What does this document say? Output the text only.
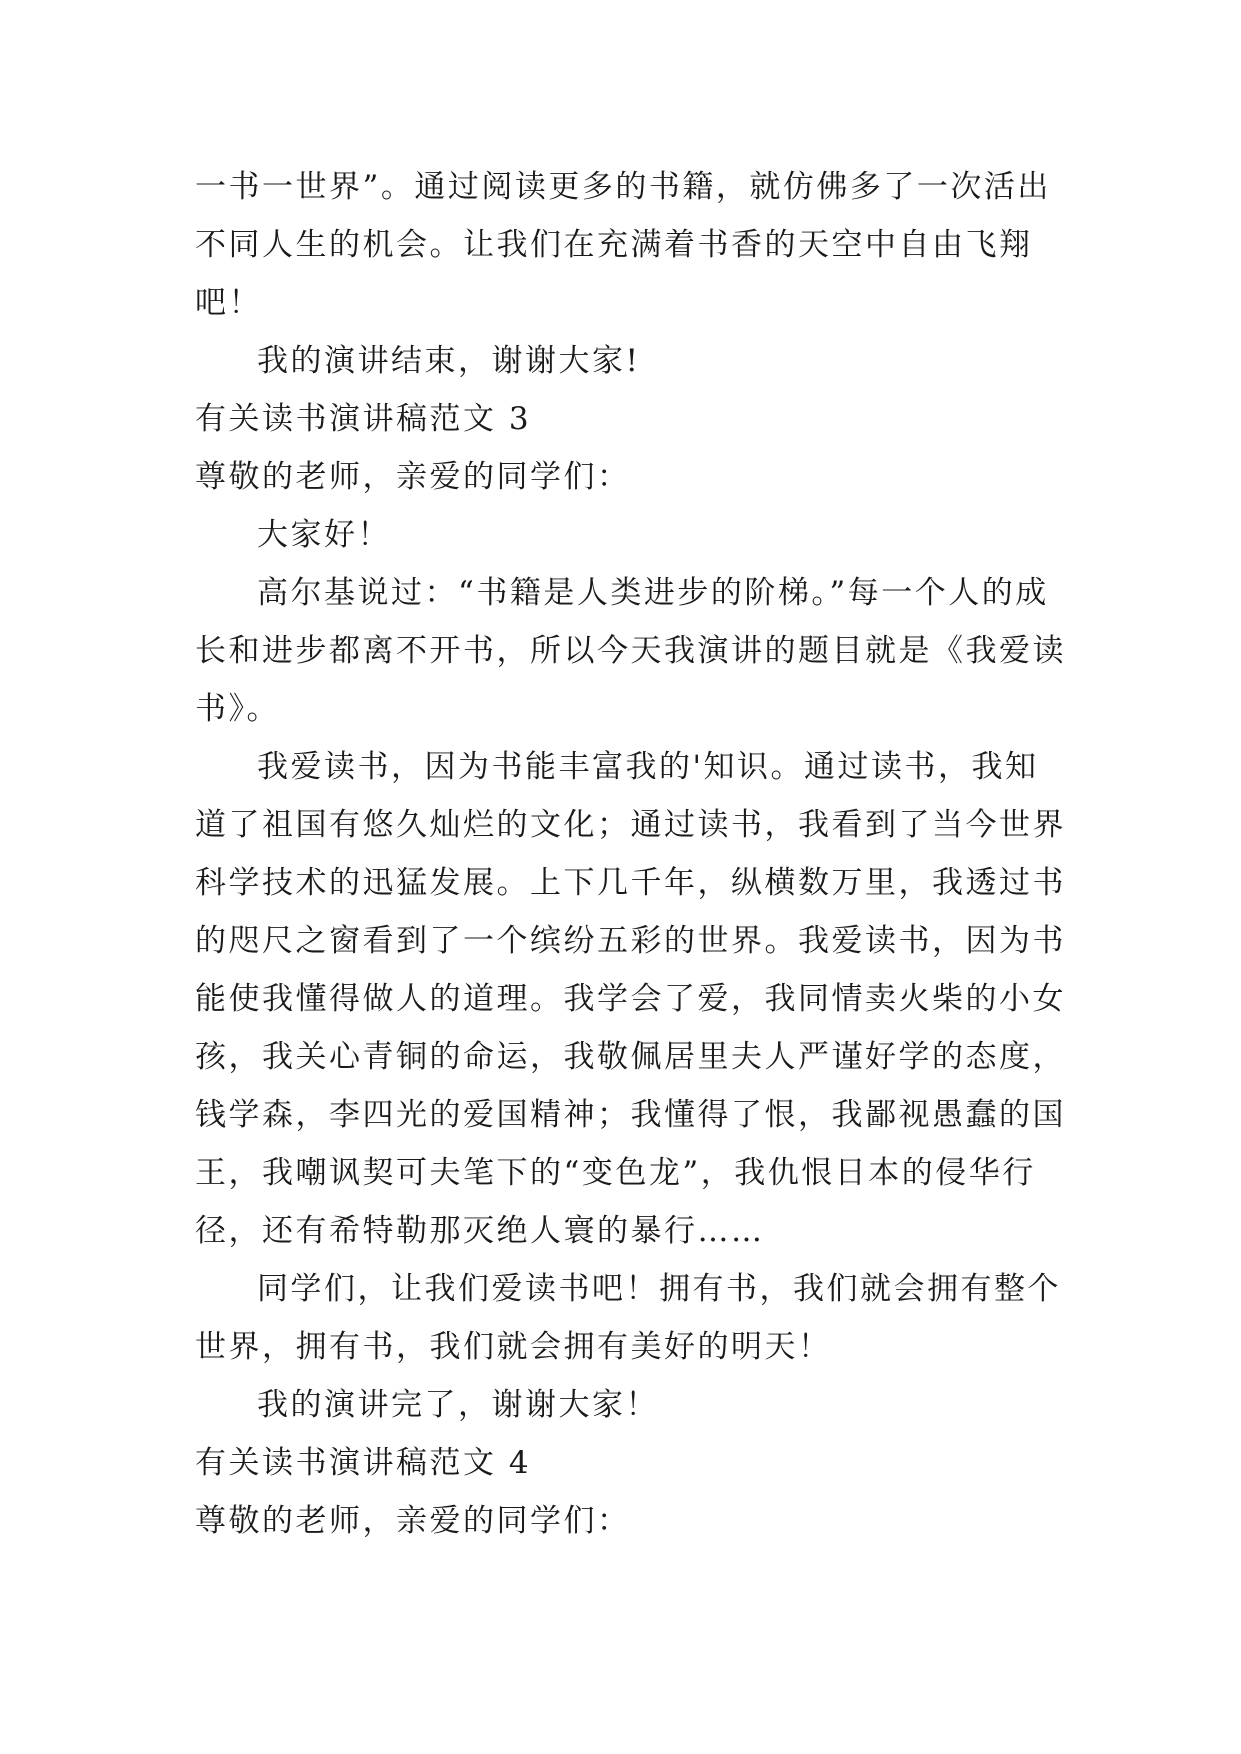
一书一世界”。通过阅读更多的书籍，就仿佛多了一次活出
不同人生的机会。让我们在充满着书香的天空中自由飞翔
吧！
我的演讲结束，谢谢大家!
有关读书演讲稿范文 3
尊敬的老师，亲爱的同学们：
大家好！
高尔基说过：“书籍是人类进步的阶梯。”每一个人的成
长和进步都离不开书，所以今天我演讲的题目就是《我爱读
书》。
我爱读书，因为书能丰富我的'知识。通过读书，我知
道了祖国有悠久灿烂的文化；通过读书，我看到了当今世界
科学技术的迅猛发展。上下几千年，纵横数万里，我透过书
的咫尺之窗看到了一个缤纷五彩的世界。我爱读书，因为书
能使我懂得做人的道理。我学会了爱，我同情卖火柴的小女
孩，我关心青铜的命运，我敬佩居里夫人严谨好学的态度，
钱学森，李四光的爱国精神；我懂得了恨，我鄙视愚蠢的国
王，我嘲讽契可夫笔下的“变色龙”，我仇恨日本的侵华行
径，还有希特勒那灭绝人寰的暴行……
同学们，让我们爱读书吧！拥有书，我们就会拥有整个
世界，拥有书，我们就会拥有美好的明天！
我的演讲完了，谢谢大家！
有关读书演讲稿范文 4
尊敬的老师，亲爱的同学们：
